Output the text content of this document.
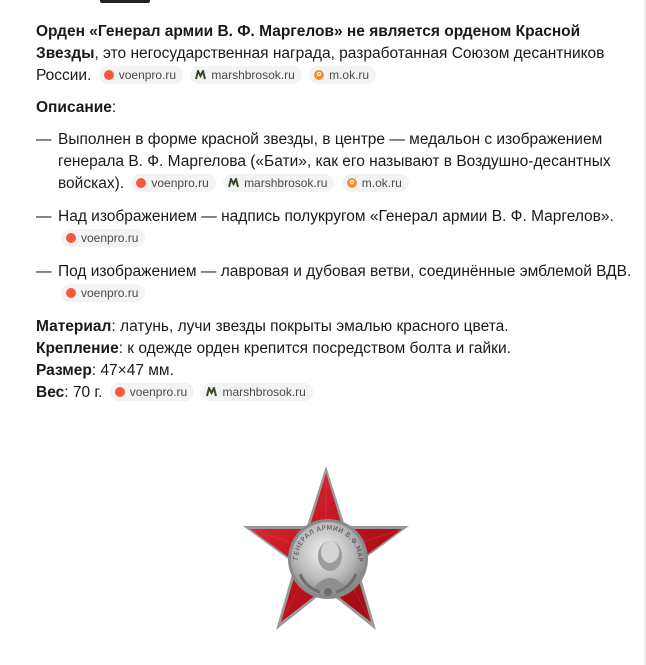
Орден «Генерал армии В. Ф. Маргелов» не является орденом Красной Звезды, это негосударственная награда, разработанная Союзом десантников России. voenpro.ru	marshbrosok.ru	m.ok.ru

Описание:

— Выполнен в форме красной звезды, в центре — медальон с изображением генерала В. Ф. Маргелова («Бати», как его называют в Воздушно-десантных войсках). voenpro.ru	marshbrosok.ru	m.ok.ru
— Над изображением — надпись полукругом «Генерал армии В. Ф. Маргелов». voenpro.ru
— Под изображением — лавровая и дубовая ветви, соединённые эмблемой ВДВ. voenpro.ru

Материал: латунь, лучи звезды покрыты эмалью красного цвета.

Крепление: к одежде орден крепится посредством болта и гайки.

Размер: 47×47 мм.

Вес: 70 г. voenpro.ru	marshbrosok.ru

ГЕНЕРАЛ АРМИИ В.Ф.МАР
